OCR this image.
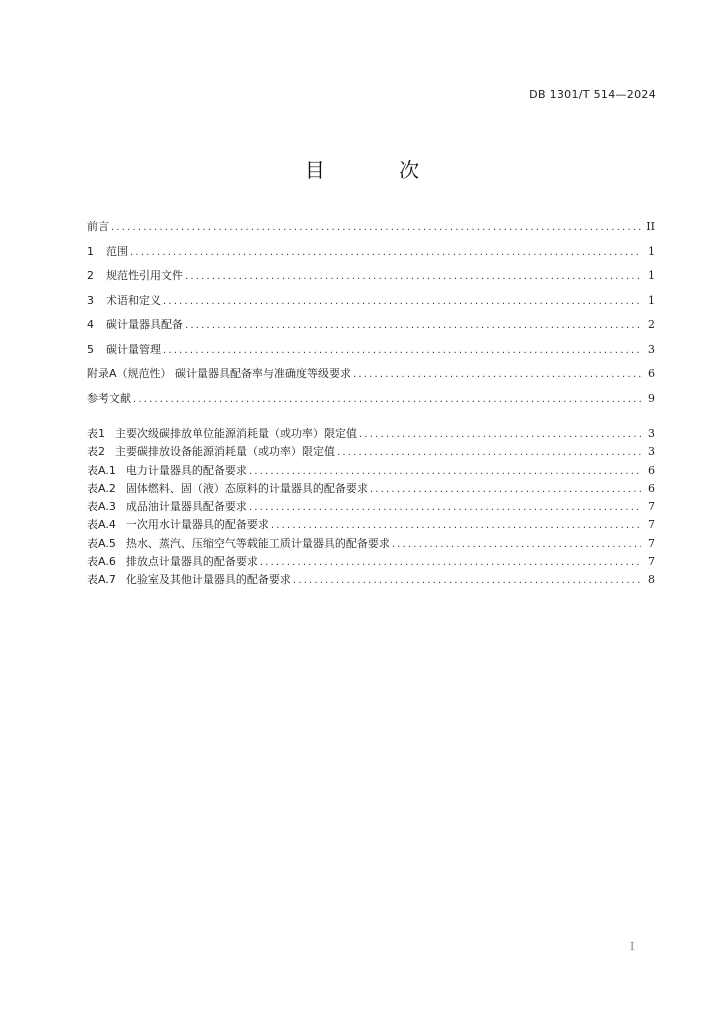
DB 1301/T 514—2024
目 次
前言 .....	II
1 范围 .....	1
2 规范性引用文件 .....	1
3 术语和定义 .....	1
4 碳计量器具配备 .....	2
5 碳计量管理 .....	3
附录A（规范性） 碳计量器具配备率与准确度等级要求 .....	6
参考文献 .....	9
表1 主要次级碳排放单位能源消耗量（或功率）限定值 .....	3
表2 主要碳排放设备能源消耗量（或功率）限定值 .....	3
表A.1 电力计量器具的配备要求 .....	6
表A.2 固体燃料、固（液）态原料的计量器具的配备要求 .....	6
表A.3 成品油计量器具配备要求 .....	7
表A.4 一次用水计量器具的配备要求 .....	7
表A.5 热水、蒸汽、压缩空气等载能工质计量器具的配备要求 .....	7
表A.6 排放点计量器具的配备要求 .....	7
表A.7 化验室及其他计量器具的配备要求 .....	8
I
